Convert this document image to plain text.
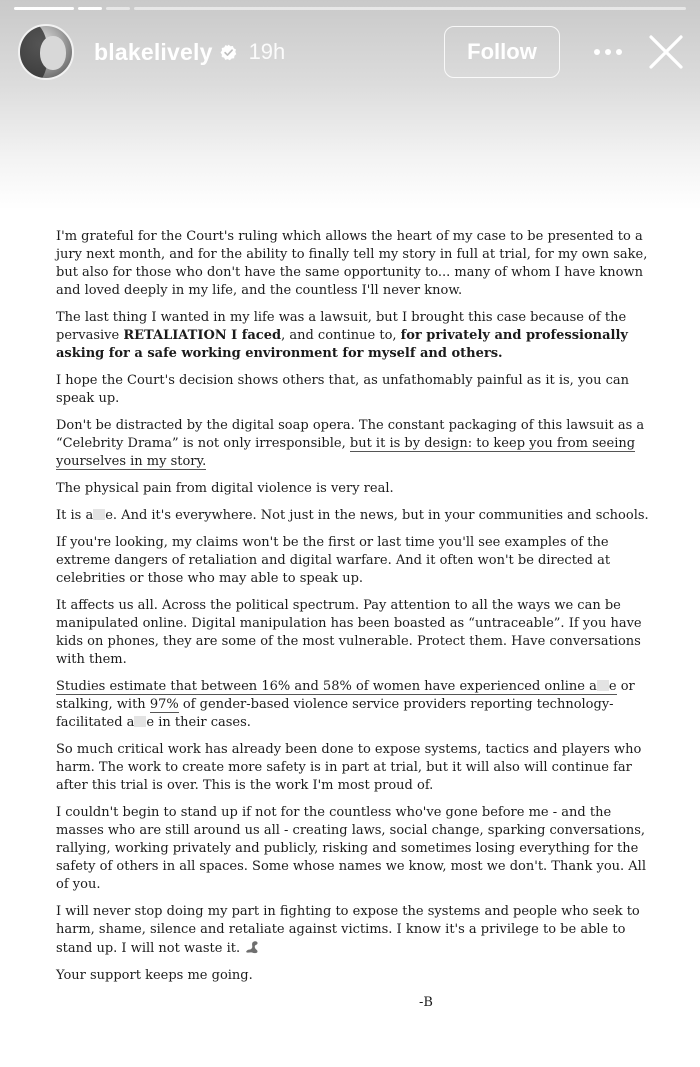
blakelively 19h	Follow

I'm grateful for the Court's ruling which allows the heart of my case to be presented to a jury next month, and for the ability to finally tell my story in full at trial, for my own sake, but also for those who don't have the same opportunity to... many of whom I have known and loved deeply in my life, and the countless I'll never know.

The last thing I wanted in my life was a lawsuit, but I brought this case because of the pervasive RETALIATION I faced, and continue to, for privately and professionally asking for a safe working environment for myself and others.

I hope the Court's decision shows others that, as unfathomably painful as it is, you can speak up.

Don't be distracted by the digital soap opera. The constant packaging of this lawsuit as a “Celebrity Drama” is not only irresponsible, but it is by design: to keep you from seeing yourselves in my story.

The physical pain from digital violence is very real.

It is a e. And it's everywhere. Not just in the news, but in your communities and schools.

If you're looking, my claims won't be the first or last time you'll see examples of the extreme dangers of retaliation and digital warfare. And it often won't be directed at celebrities or those who may able to speak up.

It affects us all. Across the political spectrum. Pay attention to all the ways we can be manipulated online. Digital manipulation has been boasted as “untraceable”. If you have kids on phones, they are some of the most vulnerable. Protect them. Have conversations with them.

Studies estimate that between 16% and 58% of women have experienced online a e or stalking, with 97% of gender-based violence service providers reporting technology-facilitated a e in their cases.

So much critical work has already been done to expose systems, tactics and players who harm. The work to create more safety is in part at trial, but it will also will continue far after this trial is over. This is the work I'm most proud of.

I couldn't begin to stand up if not for the countless who've gone before me - and the masses who are still around us all - creating laws, social change, sparking conversations, rallying, working privately and publicly, risking and sometimes losing everything for the safety of others in all spaces. Some whose names we know, most we don't. Thank you. All of you.

I will never stop doing my part in fighting to expose the systems and people who seek to harm, shame, silence and retaliate against victims. I know it's a privilege to be able to stand up. I will not waste it.

Your support keeps me going.

-B
